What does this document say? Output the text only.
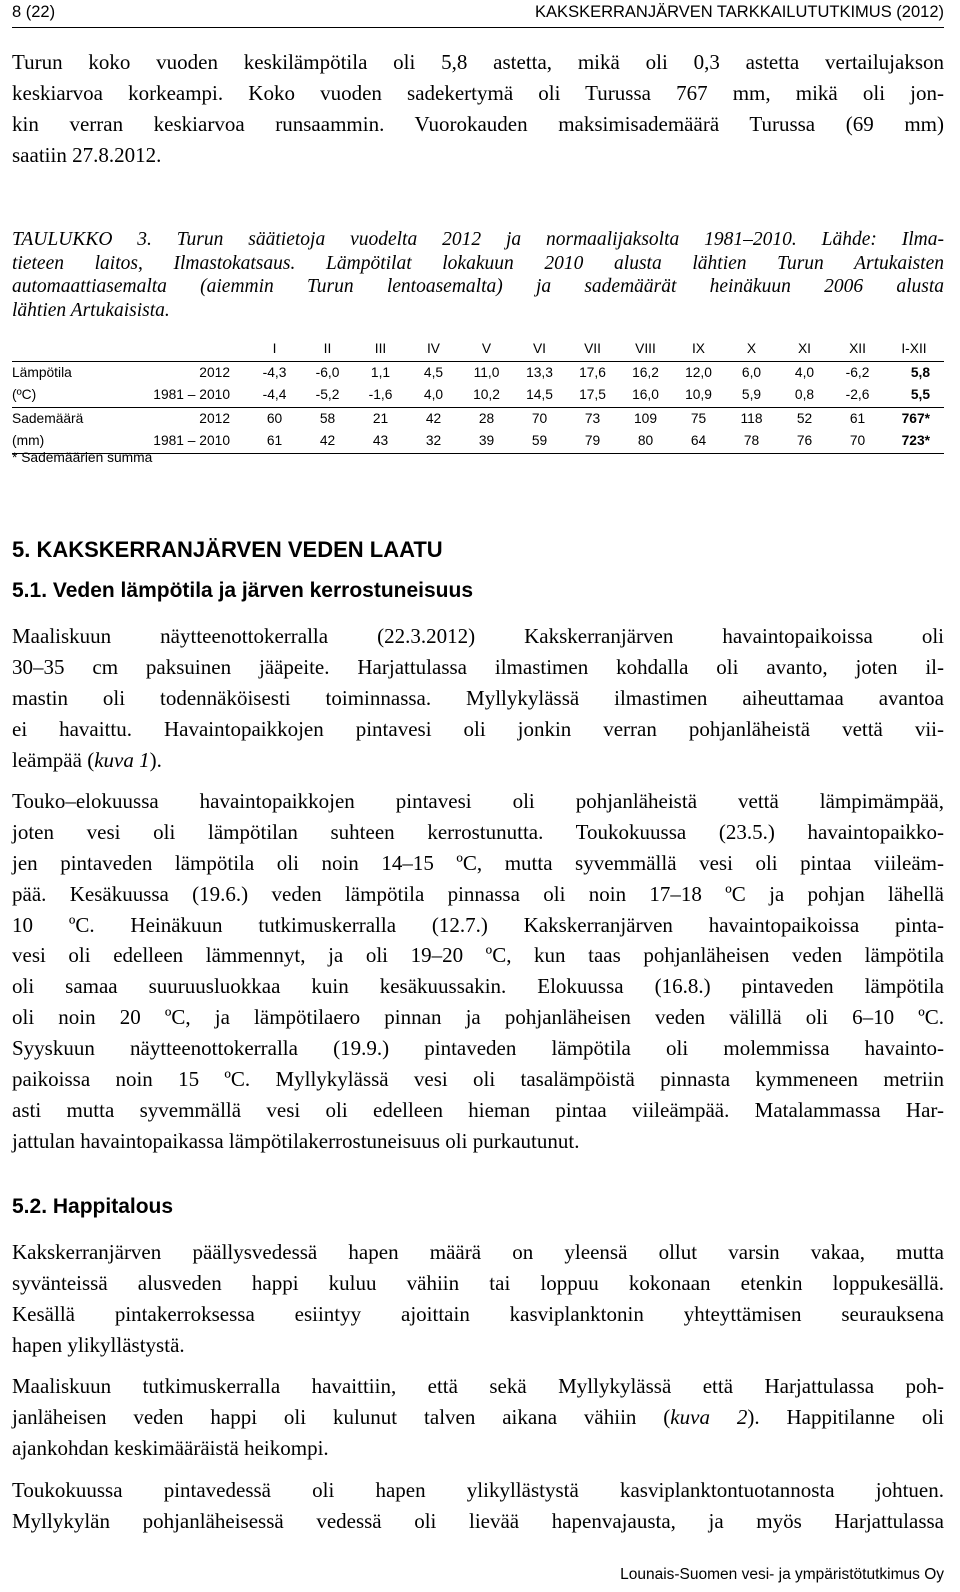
8 (22)	KAKSKERRANJÄRVEN TARKKAILUTUTKIMUS (2012)
Turun koko vuoden keskilämpötila oli 5,8 astetta, mikä oli 0,3 astetta vertailujakson
keskiarvoa korkeampi. Koko vuoden sadekertymä oli Turussa 767 mm, mikä oli jon-
kin verran keskiarvoa runsaammin. Vuorokauden maksimisademäärä Turussa (69 mm)
saatiin 27.8.2012.
TAULUKKO 3. Turun säätietoja vuodelta 2012 ja normaalijaksolta 1981–2010. Lähde: Ilma-
tieteen laitos, Ilmastokatsaus. Lämpötilat lokakuun 2010 alusta lähtien Turun Artukaisten
automaattiasemalta (aiemmin Turun lentoasemalta) ja sademäärät heinäkuun 2006 alusta
lähtien Artukaisista.
		I	II	III	IV	V	VI	VII	VIII	IX	X	XI	XII	I-XII
Lämpötila	2012	-4,3	-6,0	1,1	4,5	11,0	13,3	17,6	16,2	12,0	6,0	4,0	-6,2	5,8
(ºC)	1981 – 2010	-4,4	-5,2	-1,6	4,0	10,2	14,5	17,5	16,0	10,9	5,9	0,8	-2,6	5,5
Sademäärä	2012	60	58	21	42	28	70	73	109	75	118	52	61	767*
(mm)	1981 – 2010	61	42	43	32	39	59	79	80	64	78	76	70	723*
* Sademäärien summa
5. KAKSKERRANJÄRVEN VEDEN LAATU
5.1. Veden lämpötila ja järven kerrostuneisuus
Maaliskuun näytteenottokerralla (22.3.2012) Kakskerranjärven havaintopaikoissa oli
30–35 cm paksuinen jääpeite. Harjattulassa ilmastimen kohdalla oli avanto, joten il-
mastin oli todennäköisesti toiminnassa. Myllykylässä ilmastimen aiheuttamaa avantoa
ei havaittu. Havaintopaikkojen pintavesi oli jonkin verran pohjanläheistä vettä vii-
leämpää (kuva 1).
Touko–elokuussa havaintopaikkojen pintavesi oli pohjanläheistä vettä lämpimämpää,
joten vesi oli lämpötilan suhteen kerrostunutta. Toukokuussa (23.5.) havaintopaikko-
jen pintaveden lämpötila oli noin 14–15 ºC, mutta syvemmällä vesi oli pintaa viileäm-
pää. Kesäkuussa (19.6.) veden lämpötila pinnassa oli noin 17–18 ºC ja pohjan lähellä
10 ºC. Heinäkuun tutkimuskerralla (12.7.) Kakskerranjärven havaintopaikoissa pinta-
vesi oli edelleen lämmennyt, ja oli 19–20 ºC, kun taas pohjanläheisen veden lämpötila
oli samaa suuruusluokkaa kuin kesäkuussakin. Elokuussa (16.8.) pintaveden lämpötila
oli noin 20 ºC, ja lämpötilaero pinnan ja pohjanläheisen veden välillä oli 6–10 ºC.
Syyskuun näytteenottokerralla (19.9.) pintaveden lämpötila oli molemmissa havainto-
paikoissa noin 15 ºC. Myllykylässä vesi oli tasalämpöistä pinnasta kymmeneen metriin
asti mutta syvemmällä vesi oli edelleen hieman pintaa viileämpää. Matalammassa Har-
jattulan havaintopaikassa lämpötilakerrostuneisuus oli purkautunut.
5.2. Happitalous
Kakskerranjärven päällysvedessä hapen määrä on yleensä ollut varsin vakaa, mutta
syvänteissä alusveden happi kuluu vähiin tai loppuu kokonaan etenkin loppukesällä.
Kesällä pintakerroksessa esiintyy ajoittain kasviplanktonin yhteyttämisen seurauksena
hapen ylikyllästystä.
Maaliskuun tutkimuskerralla havaittiin, että sekä Myllykylässä että Harjattulassa poh-
janläheisen veden happi oli kulunut talven aikana vähiin (kuva 2). Happitilanne oli
ajankohdan keskimääräistä heikompi.
Toukokuussa pintavedessä oli hapen ylikyllästystä kasviplanktontuotannosta johtuen.
Myllykylän pohjanläheisessä vedessä oli lievää hapenvajausta, ja myös Harjattulassa
Lounais-Suomen vesi- ja ympäristötutkimus Oy
